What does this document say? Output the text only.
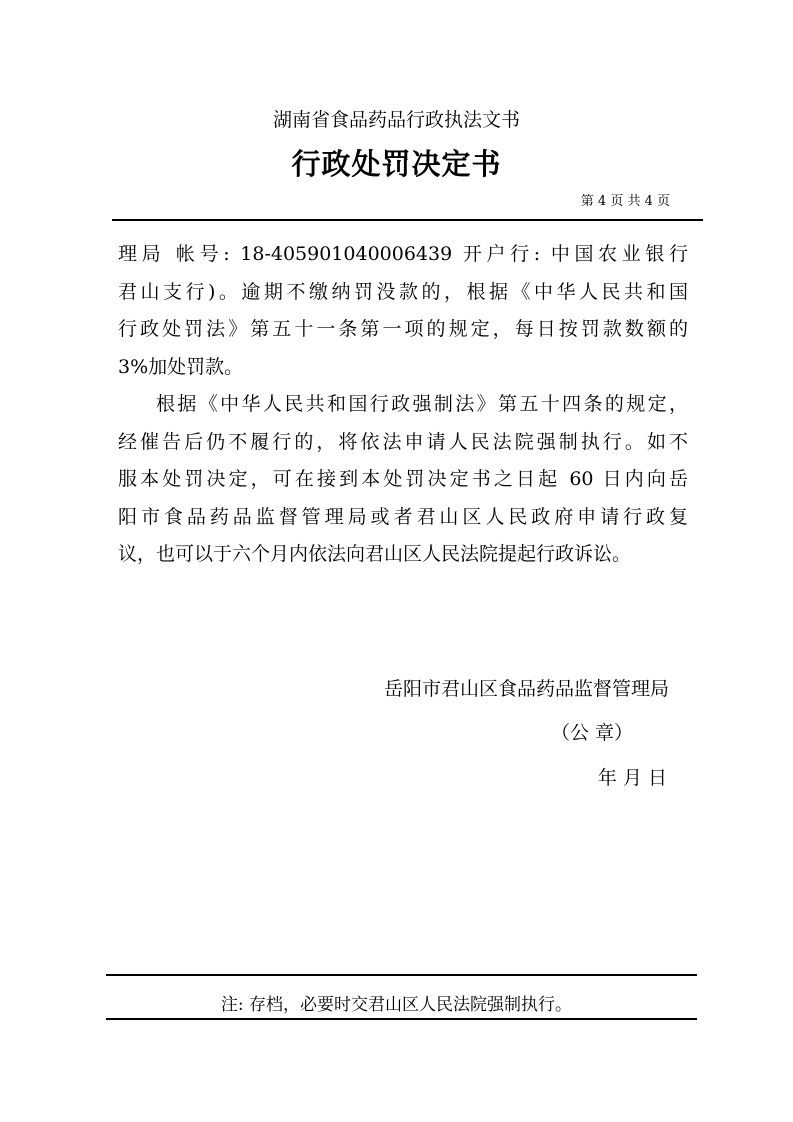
湖南省食品药品行政执法文书
行政处罚决定书
第 4 页 共 4 页
理局 帐号: 18-405901040006439 开户行: 中国农业银行
君山支行)。逾期不缴纳罚没款的，根据《中华人民共和国
行政处罚法》第五十一条第一项的规定，每日按罚款数额的
3%加处罚款。
根据《中华人民共和国行政强制法》第五十四条的规定，
经催告后仍不履行的，将依法申请人民法院强制执行。如不
服本处罚决定，可在接到本处罚决定书之日起 60 日内向岳
阳市食品药品监督管理局或者君山区人民政府申请行政复
议，也可以于六个月内依法向君山区人民法院提起行政诉讼。
岳阳市君山区食品药品监督管理局
（公 章）
年 月 日
注: 存档，必要时交君山区人民法院强制执行。
